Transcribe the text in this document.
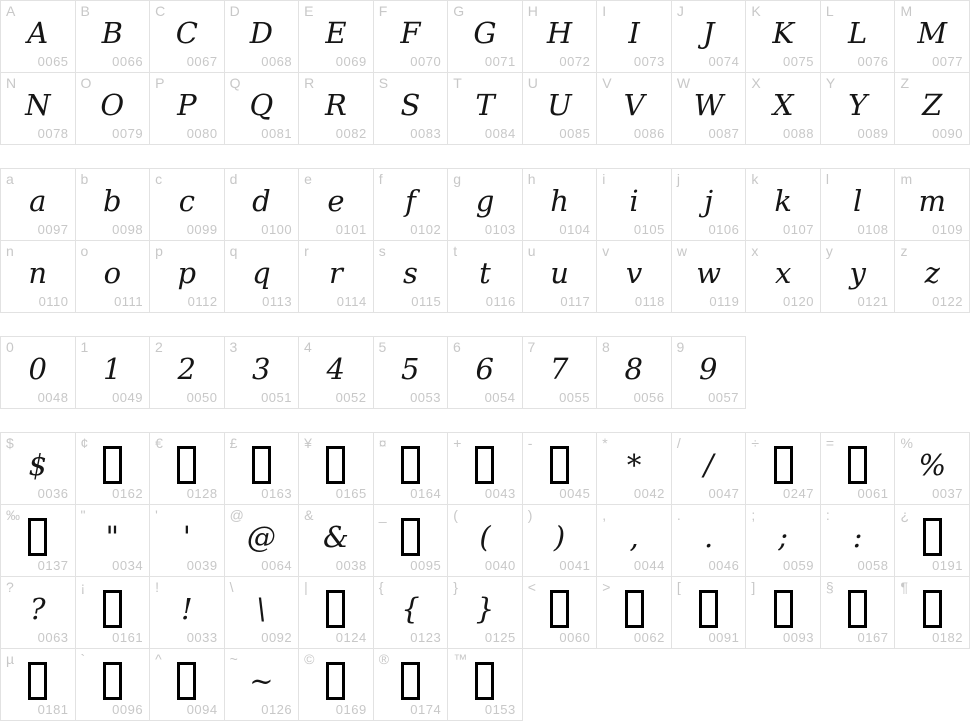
A
A
0065
B
B
0066
C
C
0067
D
D
0068
E
E
0069
F
F
0070
G
G
0071
H
H
0072
I
I
0073
J
J
0074
K
K
0075
L
L
0076
M
M
0077
N
N
0078
O
O
0079
P
P
0080
Q
Q
0081
R
R
0082
S
S
0083
T
T
0084
U
U
0085
V
V
0086
W
W
0087
X
X
0088
Y
Y
0089
Z
Z
0090
a
a
0097
b
b
0098
c
c
0099
d
d
0100
e
e
0101
f
f
0102
g
g
0103
h
h
0104
i
i
0105
j
j
0106
k
k
0107
l
l
0108
m
m
0109
n
n
0110
o
o
0111
p
p
0112
q
q
0113
r
r
0114
s
s
0115
t
t
0116
u
u
0117
v
v
0118
w
w
0119
x
x
0120
y
y
0121
z
z
0122
0
0
0048
1
1
0049
2
2
0050
3
3
0051
4
4
0052
5
5
0053
6
6
0054
7
7
0055
8
8
0056
9
9
0057
$
$
0036
¢
0162
€
0128
£
0163
¥
0165
¤
0164
+
0043
-
0045
*
*
0042
/
/
0047
÷
0247
=
0061
%
%
0037
‰
0137
"
"
0034
'
'
0039
@
@
0064
&
&
0038
_
0095
(
(
0040
)
)
0041
,
,
0044
.
.
0046
;
;
0059
:
:
0058
¿
0191
?
?
0063
¡
0161
!
!
0033
\
\
0092
|
0124
{
{
0123
}
}
0125
<
0060
>
0062
[
0091
]
0093
§
0167
¶
0182
µ
0181
`
0096
^
0094
~
~
0126
©
0169
®
0174
™
0153
